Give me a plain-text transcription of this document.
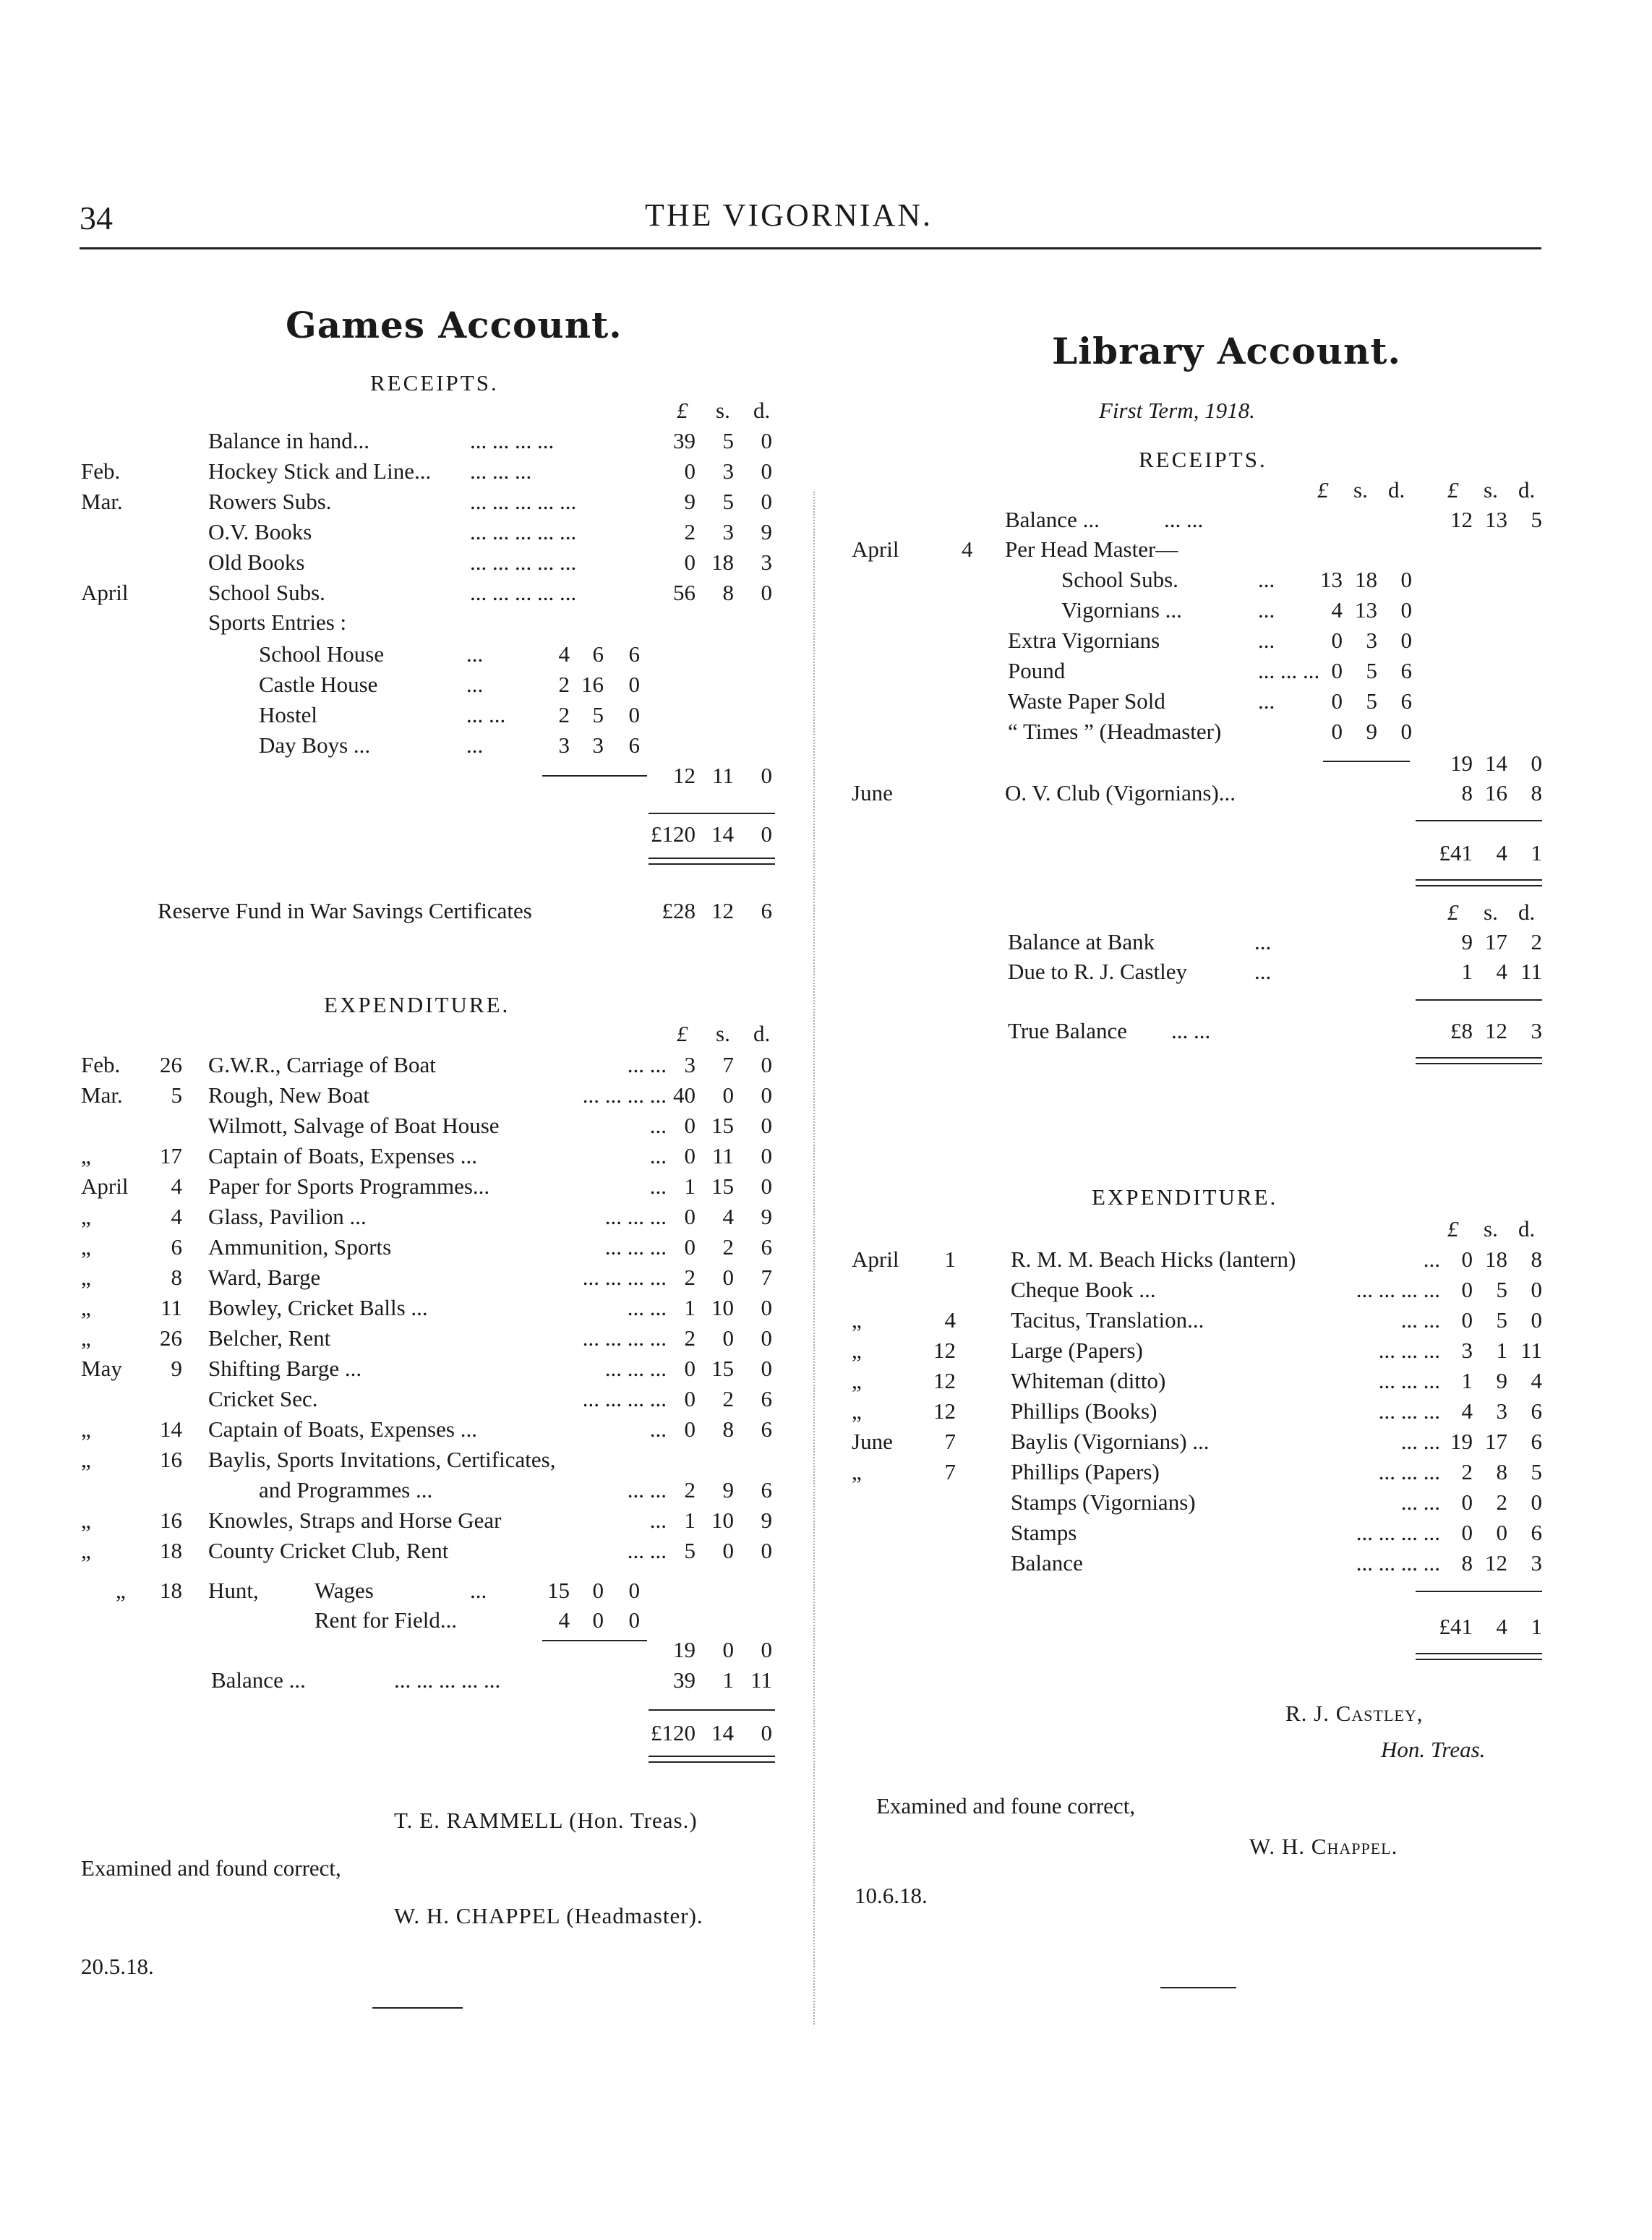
34	THE VIGORNIAN.
Games Account.
RECEIPTS.
£ s. d.
Balance in hand...	... ... ... ...	39 5 0
Feb.	Hockey Stick and Line... ... ... ...	0 3 0
Mar.	Rowers Subs.	... ... ... ... ...	9 5 0
O.V. Books	... ... ... ... ...	2 3 9
Old Books	... ... ... ... ...	0 18 3
April	School Subs.	... ... ... ... ...	56 8 0
Sports Entries :
School House	...	4 6 6
Castle House	...	2 16 0
Hostel	... ... 2 5 0
Day Boys ...	...	3 3 6
12 11 0
£120 14 0
Reserve Fund in War Savings Certificates	£28 12 6
EXPENDITURE.
£ s. d.
Feb. 26 G.W.R., Carriage of Boat	... ... 3 7 0
Mar. 5 Rough, New Boat	... ... ... ... 40 0 0
Wilmott, Salvage of Boat House	... 0 15 0
„	17 Captain of Boats, Expenses ...	... 0 11 0
April 4 Paper for Sports Programmes...	... 1 15 0
„	4 Glass, Pavilion ...	... ... ... 0 4 9
„	6 Ammunition, Sports	... ... ... 0 2 6
„	8 Ward, Barge	... ... ... ... 2 0 7
„	11 Bowley, Cricket Balls ...	... ... 1 10 0
„	26 Belcher, Rent	... ... ... ... 2 0 0
May 9 Shifting Barge ...	... ... ... 0 15 0
Cricket Sec.	... ... ... ... 0 2 6
„	14 Captain of Boats, Expenses ...	... 0 8 6
„	16 Baylis, Sports Invitations, Certificates,
and Programmes ...	... ... 2 9 6
„	16 Knowles, Straps and Horse Gear	... 1 10 9
„	18 County Cricket Club, Rent	... ... 5 0 0
„ 18 Hunt, Wages	...	15 0 0
Rent for Field...	4 0 0
19 0 0
Balance ...	... ... ... ... ...	39 1 11
£120 14 0
T. E. RAMMELL (Hon. Treas.)
Examined and found correct,
W. H. CHAPPEL (Headmaster).
20.5.18.
Library Account.
First Term, 1918.
RECEIPTS.
£ s. d. £ s. d.
Balance ...	... ...	12 13 5
April	4 Per Head Master—
School Subs.	... 13 18 0
Vigornians ...	...	4 13 0
Extra Vigornians	...	0 3 0
Pound	... ... ... 0 5 6
Waste Paper Sold	...	0 5 6
“ Times ” (Headmaster)	0 9 0
19 14 0
June	O. V. Club (Vigornians)...	8 16 8
£41 4 1
£ s. d.
Balance at Bank	...	9 17 2
Due to R. J. Castley	...	1 4 11
True Balance ... ...	£8 12 3
EXPENDITURE.
£ s. d.
April 1 R. M. M. Beach Hicks (lantern)	... 0 18 8
Cheque Book ...	... ... ... ... 0 5 0
„	4 Tacitus, Translation...	... ... 0 5 0
„	12 Large (Papers)	... ... ... 3 1 11
„	12 Whiteman (ditto)	... ... ... 1 9 4
„	12 Phillips (Books)	... ... ... 4 3 6
June 7 Baylis (Vigornians) ...	... ... 19 17 6
„	7 Phillips (Papers)	... ... ... 2 8 5
Stamps (Vigornians)	... ... 0 2 0
Stamps	... ... ... ... 0 0 6
Balance	... ... ... ... 8 12 3
£41 4 1
R. J. Castley,
Hon. Treas.
Examined and foune correct,
W. H. Chappel.
10.6.18.
